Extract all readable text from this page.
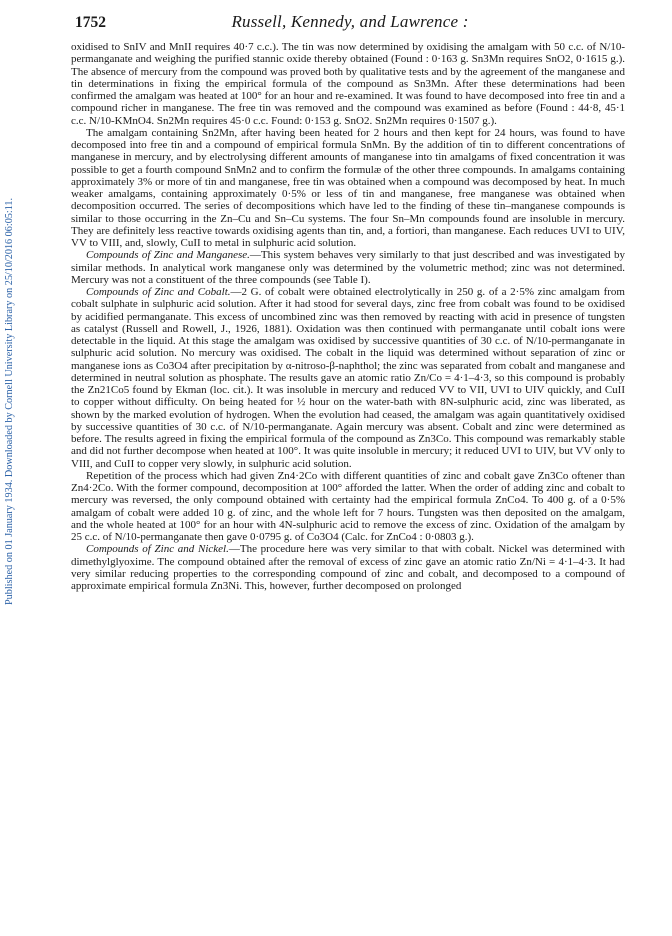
1752	Russell, Kennedy, and Lawrence :
Published on 01 January 1934. Downloaded by Cornell University Library on 25/10/2016 06:05:11.

oxidised to SnIV and MnII requires 40·7 c.c.). The tin was now determined by oxidising the amalgam with 50 c.c. of N/10-permanganate and weighing the purified stannic oxide thereby obtained (Found : 0·163 g. Sn3Mn requires SnO2, 0·1615 g.). The absence of mercury from the compound was proved both by qualitative tests and by the agreement of the manganese and tin determinations in fixing the empirical formula of the compound as Sn3Mn. After these determinations had been confirmed the amalgam was heated at 100° for an hour and re-examined. It was found to have decomposed into free tin and a compound richer in manganese. The free tin was removed and the compound was examined as before (Found : 44·8, 45·1 c.c. N/10-KMnO4. Sn2Mn requires 45·0 c.c. Found: 0·153 g. SnO2. Sn2Mn requires 0·1507 g.).

The amalgam containing Sn2Mn, after having been heated for 2 hours and then kept for 24 hours, was found to have decomposed into free tin and a compound of empirical formula SnMn. By the addition of tin to different concentrations of manganese in mercury, and by electrolysing different amounts of manganese into tin amalgams of fixed concentration it was possible to get a fourth compound SnMn2 and to confirm the formulæ of the other three compounds. In amalgams containing approximately 3% or more of tin and manganese, free tin was obtained when a compound was decomposed by heat. In much weaker amalgams, containing approximately 0·5% or less of tin and manganese, free manganese was obtained when decomposition occurred. The series of decompositions which have led to the finding of these tin–manganese compounds is similar to those occurring in the Zn–Cu and Sn–Cu systems. The four Sn–Mn compounds found are insoluble in mercury. They are definitely less reactive towards oxidising agents than tin, and, a fortiori, than manganese. Each reduces UVI to UIV, VV to VIII, and, slowly, CuII to metal in sulphuric acid solution.

Compounds of Zinc and Manganese.—This system behaves very similarly to that just described and was investigated by similar methods. In analytical work manganese only was determined by the volumetric method; zinc was not determined. Mercury was not a constituent of the three compounds (see Table I).

Compounds of Zinc and Cobalt.—2 G. of cobalt were obtained electrolytically in 250 g. of a 2·5% zinc amalgam from cobalt sulphate in sulphuric acid solution. After it had stood for several days, zinc free from cobalt was found to be oxidised by acidified permanganate. This excess of uncombined zinc was then removed by reacting with acid in presence of tungsten as catalyst (Russell and Rowell, J., 1926, 1881). Oxidation was then continued with permanganate until cobalt ions were detectable in the liquid. At this stage the amalgam was oxidised by successive quantities of 30 c.c. of N/10-permanganate in sulphuric acid solution. No mercury was oxidised. The cobalt in the liquid was determined without separation of zinc or manganese ions as Co3O4 after precipitation by α-nitroso-β-naphthol; the zinc was separated from cobalt and manganese and determined in neutral solution as phosphate. The results gave an atomic ratio Zn/Co = 4·1–4·3, so this compound is probably the Zn21Co5 found by Ekman (loc. cit.). It was insoluble in mercury and reduced VV to VII, UVI to UIV quickly, and CuII to copper without difficulty. On being heated for ½ hour on the water-bath with 8N-sulphuric acid, zinc was liberated, as shown by the marked evolution of hydrogen. When the evolution had ceased, the amalgam was again quantitatively oxidised by successive quantities of 30 c.c. of N/10-permanganate. Again mercury was absent. Cobalt and zinc were determined as before. The results agreed in fixing the empirical formula of the compound as Zn3Co. This compound was remarkably stable and did not further decompose when heated at 100°. It was quite insoluble in mercury; it reduced UVI to UIV, but VV only to VIII, and CuII to copper very slowly, in sulphuric acid solution.

Repetition of the process which had given Zn4·2Co with different quantities of zinc and cobalt gave Zn3Co oftener than Zn4·2Co. With the former compound, decomposition at 100° afforded the latter. When the order of adding zinc and cobalt to mercury was reversed, the only compound obtained with certainty had the empirical formula ZnCo4. To 400 g. of a 0·5% amalgam of cobalt were added 10 g. of zinc, and the whole left for 7 hours. Tungsten was then deposited on the amalgam, and the whole heated at 100° for an hour with 4N-sulphuric acid to remove the excess of zinc. Oxidation of the amalgam by 25 c.c. of N/10-permanganate then gave 0·0795 g. of Co3O4 (Calc. for ZnCo4 : 0·0803 g.).

Compounds of Zinc and Nickel.—The procedure here was very similar to that with cobalt. Nickel was determined with dimethylglyoxime. The compound obtained after the removal of excess of zinc gave an atomic ratio Zn/Ni = 4·1–4·3. It had very similar reducing properties to the corresponding compound of zinc and cobalt, and decomposed to a compound of approximate empirical formula Zn3Ni. This, however, further decomposed on prolonged
